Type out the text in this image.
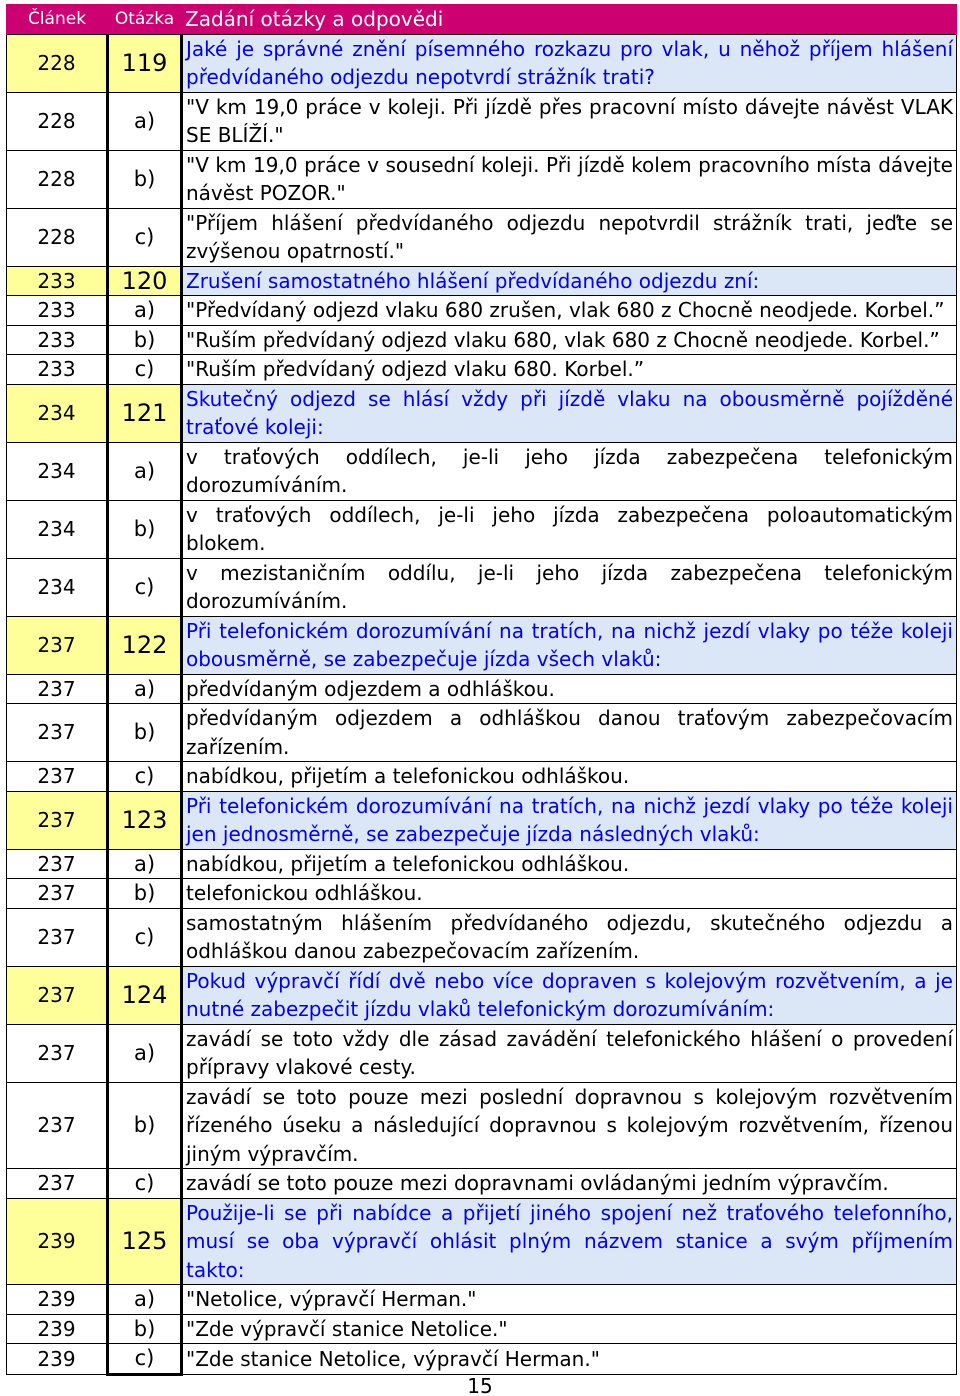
Článek	Otázka	Zadání otázky a odpovědi
228	119	Jaké je správné znění písemného rozkazu pro vlak, u něhož příjem hlášení předvídaného odjezdu nepotvrdí strážník trati?
228	a)	"V km 19,0 práce v koleji. Při jízdě přes pracovní místo dávejte návěst VLAK SE BLÍŽÍ."
228	b)	"V km 19,0 práce v sousední koleji. Při jízdě kolem pracovního místa dávejte návěst POZOR."
228	c)	"Příjem hlášení předvídaného odjezdu nepotvrdil strážník trati, jeďte se zvýšenou opatrností."
233	120	Zrušení samostatného hlášení předvídaného odjezdu zní:
233	a)	"Předvídaný odjezd vlaku 680 zrušen, vlak 680 z Chocně neodjede. Korbel.”
233	b)	"Ruším předvídaný odjezd vlaku 680, vlak 680 z Chocně neodjede. Korbel.”
233	c)	"Ruším předvídaný odjezd vlaku 680. Korbel.”
234	121	Skutečný odjezd se hlásí vždy při jízdě vlaku na obousměrně pojížděné traťové koleji:
234	a)	v traťových oddílech, je-li jeho jízda zabezpečena telefonickým dorozumíváním.
234	b)	v traťových oddílech, je-li jeho jízda zabezpečena poloautomatickým blokem.
234	c)	v mezistaničním oddílu, je-li jeho jízda zabezpečena telefonickým dorozumíváním.
237	122	Při telefonickém dorozumívání na tratích, na nichž jezdí vlaky po téže koleji obousměrně, se zabezpečuje jízda všech vlaků:
237	a)	předvídaným odjezdem a odhláškou.
237	b)	předvídaným odjezdem a odhláškou danou traťovým zabezpečovacím zařízením.
237	c)	nabídkou, přijetím a telefonickou odhláškou.
237	123	Při telefonickém dorozumívání na tratích, na nichž jezdí vlaky po téže koleji jen jednosměrně, se zabezpečuje jízda následných vlaků:
237	a)	nabídkou, přijetím a telefonickou odhláškou.
237	b)	telefonickou odhláškou.
237	c)	samostatným hlášením předvídaného odjezdu, skutečného odjezdu a odhláškou danou zabezpečovacím zařízením.
237	124	Pokud výpravčí řídí dvě nebo více dopraven s kolejovým rozvětvením, a je nutné zabezpečit jízdu vlaků telefonickým dorozumíváním:
237	a)	zavádí se toto vždy dle zásad zavádění telefonického hlášení o provedení přípravy vlakové cesty.
237	b)	zavádí se toto pouze mezi poslední dopravnou s kolejovým rozvětvením řízeného úseku a následující dopravnou s kolejovým rozvětvením, řízenou jiným výpravčím.
237	c)	zavádí se toto pouze mezi dopravnami ovládanými jedním výpravčím.
239	125	Použije-li se při nabídce a přijetí jiného spojení než traťového telefonního, musí se oba výpravčí ohlásit plným názvem stanice a svým příjmením takto:
239	a)	"Netolice, výpravčí Herman."
239	b)	"Zde výpravčí stanice Netolice."
239	c)	"Zde stanice Netolice, výpravčí Herman."
15
